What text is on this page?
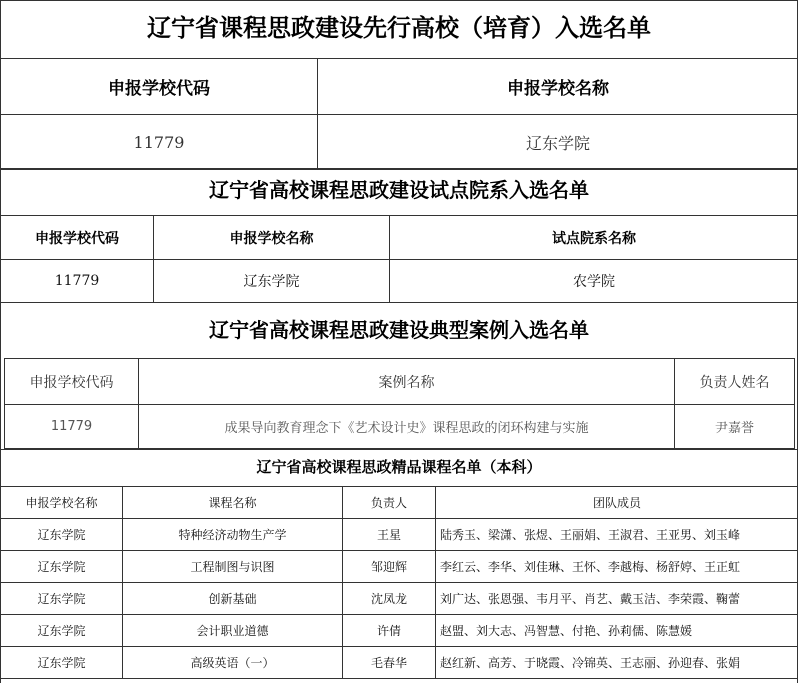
辽宁省课程思政建设先行高校（培育）入选名单
申报学校代码	申报学校名称
11779	辽东学院
辽宁省高校课程思政建设试点院系入选名单
申报学校代码	申报学校名称	试点院系名称
11779	辽东学院	农学院
辽宁省高校课程思政建设典型案例入选名单
申报学校代码	案例名称	负责人姓名
11779	成果导向教育理念下《艺术设计史》课程思政的闭环构建与实施	尹嘉誉
辽宁省高校课程思政精品课程名单（本科）
申报学校名称	课程名称	负责人	团队成员
辽东学院	特种经济动物生产学	王星	陆秀玉、梁潇、张煜、王丽娟、王淑君、王亚男、刘玉峰
辽东学院	工程制图与识图	邹迎辉	李红云、李华、刘佳琳、王怀、李越梅、杨舒婷、王正虹
辽东学院	创新基础	沈凤龙	刘广达、张恩强、韦月平、肖艺、戴玉洁、李荣霞、鞠蕾
辽东学院	会计职业道德	许倩	赵盟、刘大志、冯智慧、付艳、孙莉儒、陈慧媛
辽东学院	高级英语（一）	毛春华	赵红新、高芳、于晓霞、冷锦英、王志丽、孙迎春、张娟
